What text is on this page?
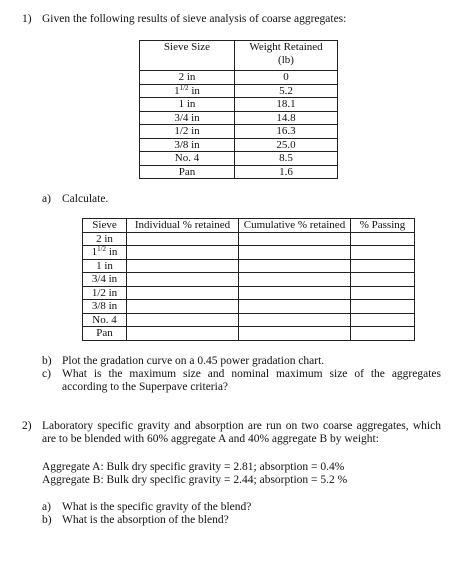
1) Given the following results of sieve analysis of coarse aggregates:
Sieve Size	Weight Retained
(lb)

2 in	0
$1^{1/2}$ in	5.2
1 in	18.1
3/4 in	14.8
1/2 in	16.3
3/8 in	25.0
No. 4	8.5
Pan	1.6
a) Calculate.
Sieve	Individual % retained	Cumulative % retained	% Passing
2 in			
$1^{1/2}$ in			
1 in			
3/4 in			
1/2 in			
3/8 in			
No. 4			
Pan			
b) Plot the gradation curve on a 0.45 power gradation chart.
c) What is the maximum size and nominal maximum size of the aggregates according to the Superpave criteria?
2) Laboratory specific gravity and absorption are run on two coarse aggregates, which are to be blended with 60% aggregate A and 40% aggregate B by weight:
Aggregate A: Bulk dry specific gravity = 2.81; absorption = 0.4%
Aggregate B: Bulk dry specific gravity = 2.44; absorption = 5.2 %
a) What is the specific gravity of the blend?
b) What is the absorption of the blend?
